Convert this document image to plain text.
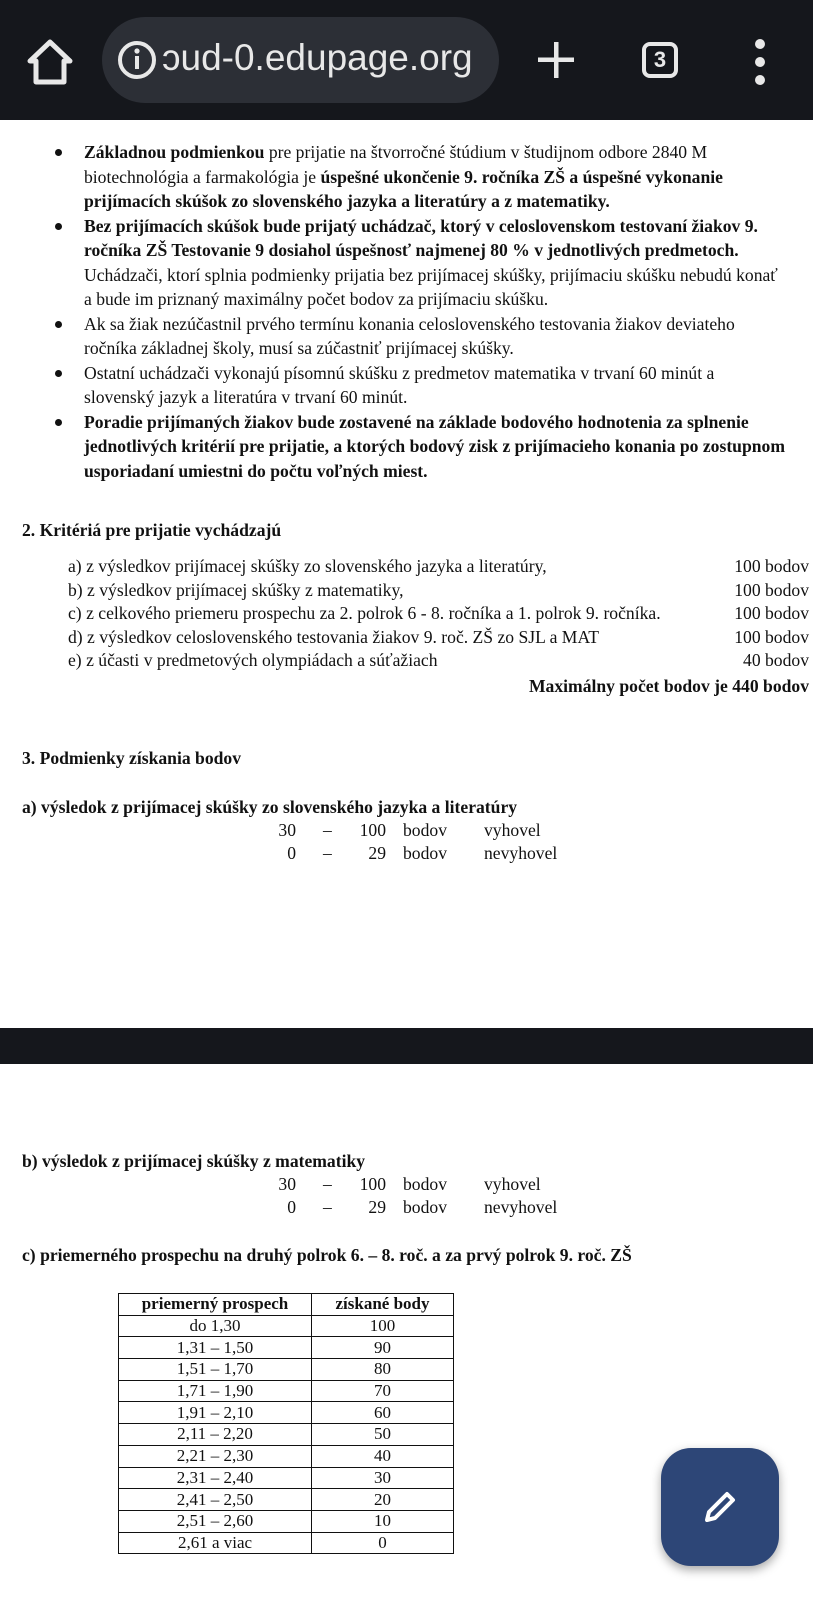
ɔud-0.edupage.org	3
Základnou podmienkou pre prijatie na štvorročné štúdium v študijnom odbore 2840 M
biotechnológia a farmakológia je úspešné ukončenie 9. ročníka ZŠ a úspešné vykonanie
prijímacích skúšok zo slovenského jazyka a literatúry a z matematiky.
Bez prijímacích skúšok bude prijatý uchádzač, ktorý v celoslovenskom testovaní žiakov 9.
ročníka ZŠ Testovanie 9 dosiahol úspešnosť najmenej 80 % v jednotlivých predmetoch.
Uchádzači, ktorí splnia podmienky prijatia bez prijímacej skúšky, prijímaciu skúšku nebudú konať
a bude im priznaný maximálny počet bodov za prijímaciu skúšku.
Ak sa žiak nezúčastnil prvého termínu konania celoslovenského testovania žiakov deviateho
ročníka základnej školy, musí sa zúčastniť prijímacej skúšky.
Ostatní uchádzači vykonajú písomnú skúšku z predmetov matematika v trvaní 60 minút a
slovenský jazyk a literatúra v trvaní 60 minút.
Poradie prijímaných žiakov bude zostavené na základe bodového hodnotenia za splnenie
jednotlivých kritérií pre prijatie, a ktorých bodový zisk z prijímacieho konania po zostupnom
usporiadaní umiestni do počtu voľných miest.
2. Kritériá pre prijatie vychádzajú
a) z výsledkov prijímacej skúšky zo slovenského jazyka a literatúry,	100 bodov
b) z výsledkov prijímacej skúšky z matematiky,	100 bodov
c) z celkového priemeru prospechu za 2. polrok 6 - 8. ročníka a 1. polrok 9. ročníka.	100 bodov
d) z výsledkov celoslovenského testovania žiakov 9. roč. ZŠ zo SJL a MAT	100 bodov
e) z účasti v predmetových olympiádach a súťažiach	40 bodov
Maximálny počet bodov je 440 bodov
3. Podmienky získania bodov
a) výsledok z prijímacej skúšky zo slovenského jazyka a literatúry
30 – 100 bodov vyhovel
0 – 29 bodov nevyhovel
b) výsledok z prijímacej skúšky z matematiky
30 – 100 bodov vyhovel
0 – 29 bodov nevyhovel
c) priemerného prospechu na druhý polrok 6. – 8. roč. a za prvý polrok 9. roč. ZŠ
priemerný prospech	získané body
do 1,30	100
1,31 – 1,50	90
1,51 – 1,70	80
1,71 – 1,90	70
1,91 – 2,10	60
2,11 – 2,20	50
2,21 – 2,30	40
2,31 – 2,40	30
2,41 – 2,50	20
2,51 – 2,60	10
2,61 a viac	0
